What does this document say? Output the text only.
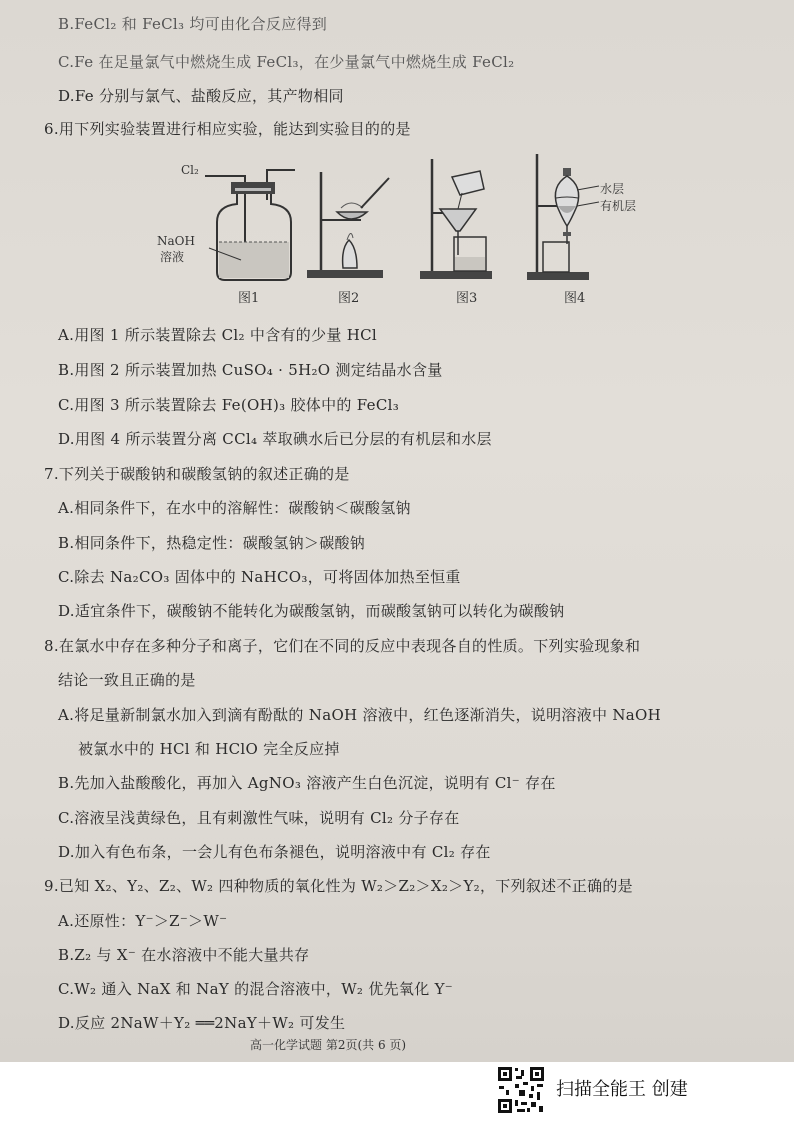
B.FeCl₂ 和 FeCl₃ 均可由化合反应得到
C.Fe 在足量氯气中燃烧生成 FeCl₃，在少量氯气中燃烧生成 FeCl₂
D.Fe 分别与氯气、盐酸反应，其产物相同
6.用下列实验装置进行相应实验，能达到实验目的的是
A.用图 1 所示装置除去 Cl₂ 中含有的少量 HCl
B.用图 2 所示装置加热 CuSO₄ · 5H₂O 测定结晶水含量
C.用图 3 所示装置除去 Fe(OH)₃ 胶体中的 FeCl₃
D.用图 4 所示装置分离 CCl₄ 萃取碘水后已分层的有机层和水层
7.下列关于碳酸钠和碳酸氢钠的叙述正确的是
A.相同条件下，在水中的溶解性：碳酸钠＜碳酸氢钠
B.相同条件下，热稳定性：碳酸氢钠＞碳酸钠
C.除去 Na₂CO₃ 固体中的 NaHCO₃，可将固体加热至恒重
D.适宜条件下，碳酸钠不能转化为碳酸氢钠，而碳酸氢钠可以转化为碳酸钠
8.在氯水中存在多种分子和离子，它们在不同的反应中表现各自的性质。下列实验现象和
结论一致且正确的是
A.将足量新制氯水加入到滴有酚酞的 NaOH 溶液中，红色逐渐消失，说明溶液中 NaOH
被氯水中的 HCl 和 HClO 完全反应掉
B.先加入盐酸酸化，再加入 AgNO₃ 溶液产生白色沉淀，说明有 Cl⁻ 存在
C.溶液呈浅黄绿色，且有刺激性气味，说明有 Cl₂ 分子存在
D.加入有色布条，一会儿有色布条褪色，说明溶液中有 Cl₂ 存在
9.已知 X₂、Y₂、Z₂、W₂ 四种物质的氧化性为 W₂＞Z₂＞X₂＞Y₂，下列叙述不正确的是
A.还原性：Y⁻＞Z⁻＞W⁻
B.Z₂ 与 X⁻ 在水溶液中不能大量共存
C.W₂ 通入 NaX 和 NaY 的混合溶液中，W₂ 优先氧化 Y⁻
D.反应 2NaW＋Y₂ ══2NaY＋W₂ 可发生
Cl₂
NaOH
溶液
图1	图2	图3
水层
有机层
图4
高一化学试题 第2页(共 6 页)
扫描全能王 创建
